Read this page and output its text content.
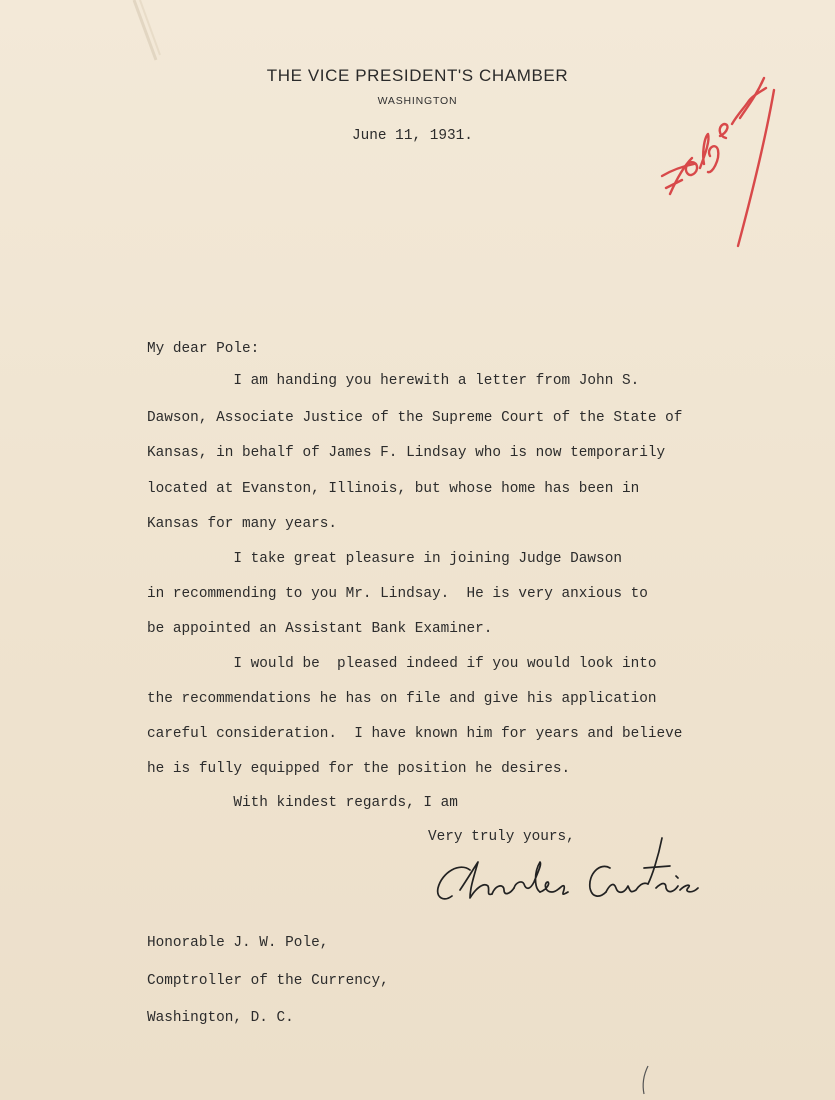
THE VICE PRESIDENT'S CHAMBER
WASHINGTON
June 11, 1931.
My dear Pole:
I am handing you herewith a letter from John S.
Dawson, Associate Justice of the Supreme Court of the State of
Kansas, in behalf of James F. Lindsay who is now temporarily
located at Evanston, Illinois, but whose home has been in
Kansas for many years.
I take great pleasure in joining Judge Dawson
in recommending to you Mr. Lindsay.  He is very anxious to
be appointed an Assistant Bank Examiner.
I would be  pleased indeed if you would look into
the recommendations he has on file and give his application
careful consideration.  I have known him for years and believe
he is fully equipped for the position he desires.
With kindest regards, I am
Very truly yours,
Honorable J. W. Pole,
Comptroller of the Currency,
Washington, D. C.
